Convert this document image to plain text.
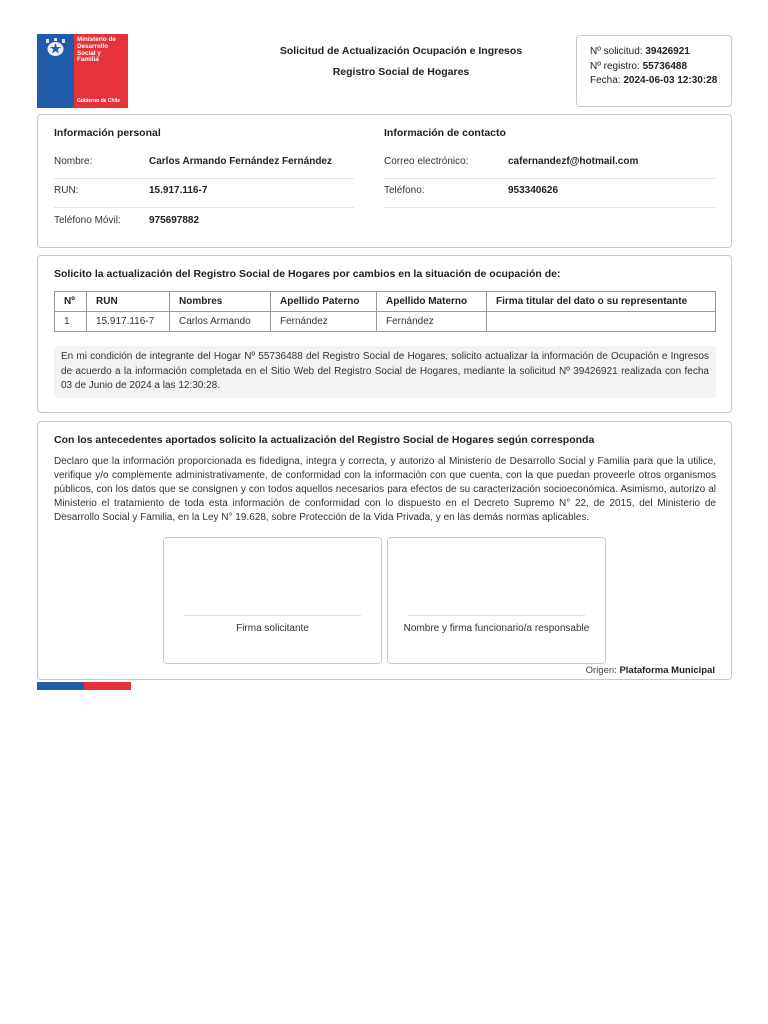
Ministerio de
Desarrollo
Social y
Familia
Gobierno de Chile
Solicitud de Actualización Ocupación e Ingresos
Registro Social de Hogares
Nº solicitud: 39426921
Nº registro: 55736488
Fecha: 2024-06-03 12:30:28
Información personal	Información de contacto
Nombre:	Carlos Armando Fernández Fernández	Correo electrónico:	cafernandezf@hotmail.com
RUN:	15.917.116-7	Teléfono:	953340626
Teléfono Móvil:	975697882
Solicito la actualización del Registro Social de Hogares por cambios en la situación de ocupación de:
Nº	RUN	Nombres	Apellido Paterno	Apellido Materno	Firma titular del dato o su representante
1	15.917.116-7	Carlos Armando	Fernández	Fernández	
En mi condición de integrante del Hogar Nº 55736488 del Registro Social de Hogares, solicito actualizar la información de Ocupación e Ingresos de acuerdo a la información completada en el Sitio Web del Registro Social de Hogares, mediante la solicitud Nº 39426921 realizada con fecha 03 de Junio de 2024 a las 12:30:28.
Con los antecedentes aportados solicito la actualización del Registro Social de Hogares según corresponda
Declaro que la información proporcionada es fidedigna, integra y correcta, y autorizo al Ministerio de Desarrollo Social y Familia para que la utilice, verifique y/o complemente administrativamente, de conformidad con la información con que cuenta, con la que puedan proveerle otros organismos públicos, con los datos que se consignen y con todos aquellos necesarios para efectos de su caracterización socioeconómica. Asimismo, autorizo al Ministerio el tratamiento de toda esta información de conformidad con lo dispuesto en el Decreto Supremo N° 22, de 2015, del Ministerio de Desarrollo Social y Familia, en la Ley N° 19.628, sobre Protección de la Vida Privada, y en las demás normas aplicables.
Firma solicitante	Nombre y firma funcionario/a responsable
Origen: Plataforma Municipal
